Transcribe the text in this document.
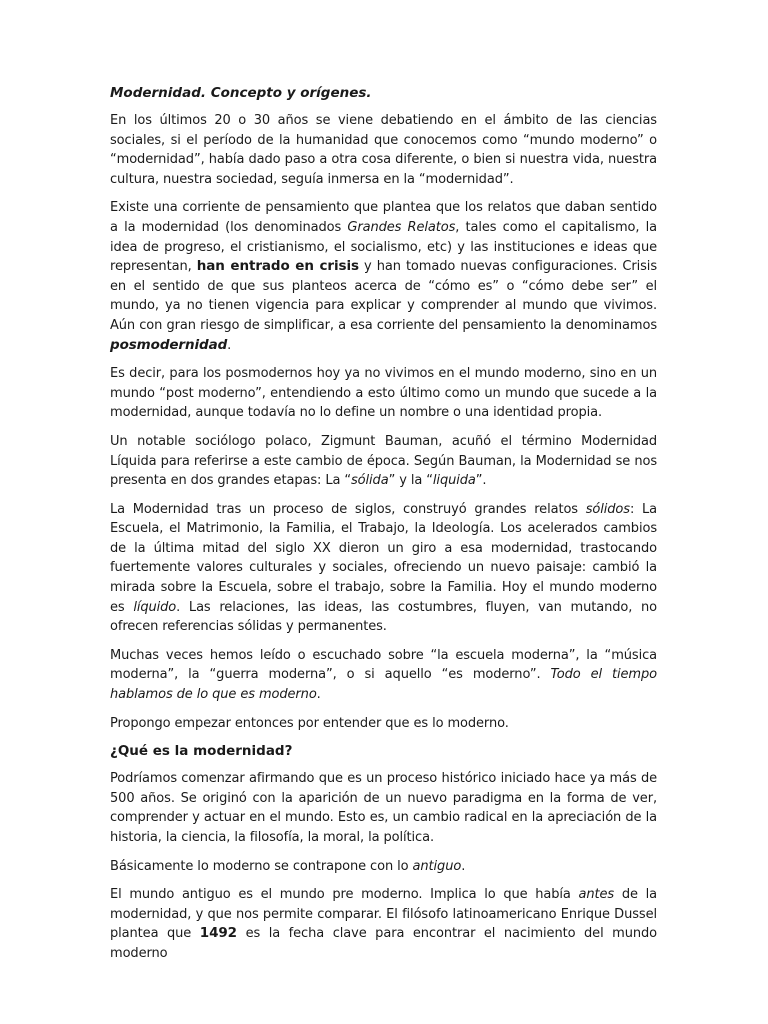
Modernidad. Concepto y orígenes.

En los últimos 20 o 30 años se viene debatiendo en el ámbito de las ciencias sociales, si el período de la humanidad que conocemos como “mundo moderno” o “modernidad”, había dado paso a otra cosa diferente, o bien si nuestra vida, nuestra cultura, nuestra sociedad, seguía inmersa en la “modernidad”.

Existe una corriente de pensamiento que plantea que los relatos que daban sentido a la modernidad (los denominados Grandes Relatos, tales como el capitalismo, la idea de progreso, el cristianismo, el socialismo, etc) y las instituciones e ideas que representan, han entrado en crisis y han tomado nuevas configuraciones. Crisis en el sentido de que sus planteos acerca de “cómo es” o “cómo debe ser” el mundo, ya no tienen vigencia para explicar y comprender al mundo que vivimos. Aún con gran riesgo de simplificar, a esa corriente del pensamiento la denominamos posmodernidad.

Es decir, para los posmodernos hoy ya no vivimos en el mundo moderno, sino en un mundo “post moderno”, entendiendo a esto último como un mundo que sucede a la modernidad, aunque todavía no lo define un nombre o una identidad propia.

Un notable sociólogo polaco, Zigmunt Bauman, acuñó el término Modernidad Líquida para referirse a este cambio de época. Según Bauman, la Modernidad se nos presenta en dos grandes etapas: La “sólida” y la “liquida”.

La Modernidad tras un proceso de siglos, construyó grandes relatos sólidos: La Escuela, el Matrimonio, la Familia, el Trabajo, la Ideología. Los acelerados cambios de la última mitad del siglo XX dieron un giro a esa modernidad, trastocando fuertemente valores culturales y sociales, ofreciendo un nuevo paisaje: cambió la mirada sobre la Escuela, sobre el trabajo, sobre la Familia. Hoy el mundo moderno es líquido. Las relaciones, las ideas, las costumbres, fluyen, van mutando, no ofrecen referencias sólidas y permanentes.

Muchas veces hemos leído o escuchado sobre “la escuela moderna”, la “música moderna”, la “guerra moderna”, o si aquello “es moderno”. Todo el tiempo hablamos de lo que es moderno.

Propongo empezar entonces por entender que es lo moderno.

¿Qué es la modernidad?

Podríamos comenzar afirmando que es un proceso histórico iniciado hace ya más de 500 años. Se originó con la aparición de un nuevo paradigma en la forma de ver, comprender y actuar en el mundo. Esto es, un cambio radical en la apreciación de la historia, la ciencia, la filosofía, la moral, la política.

Básicamente lo moderno se contrapone con lo antiguo.

El mundo antiguo es el mundo pre moderno. Implica lo que había antes de la modernidad, y que nos permite comparar. El filósofo latinoamericano Enrique Dussel plantea que 1492 es la fecha clave para encontrar el nacimiento del mundo moderno
